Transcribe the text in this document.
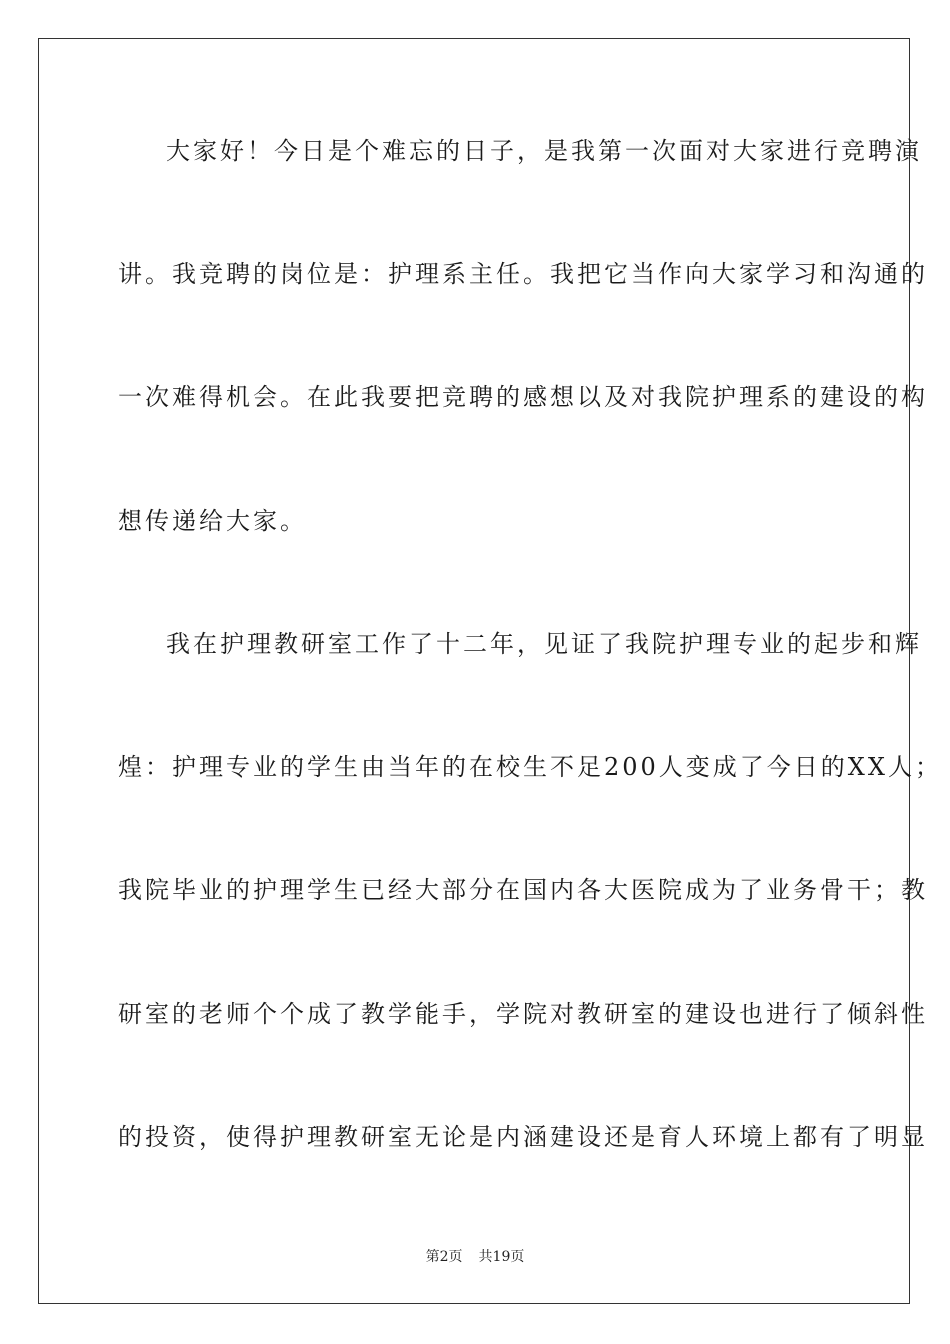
大家好！今日是个难忘的日子，是我第一次面对大家进行竞聘演
讲。我竞聘的岗位是：护理系主任。我把它当作向大家学习和沟通的
一次难得机会。在此我要把竞聘的感想以及对我院护理系的建设的构
想传递给大家。
我在护理教研室工作了十二年，见证了我院护理专业的起步和辉
煌：护理专业的学生由当年的在校生不足200人变成了今日的XX人；
我院毕业的护理学生已经大部分在国内各大医院成为了业务骨干；教
研室的老师个个成了教学能手，学院对教研室的建设也进行了倾斜性
的投资，使得护理教研室无论是内涵建设还是育人环境上都有了明显
第2页 共19页
